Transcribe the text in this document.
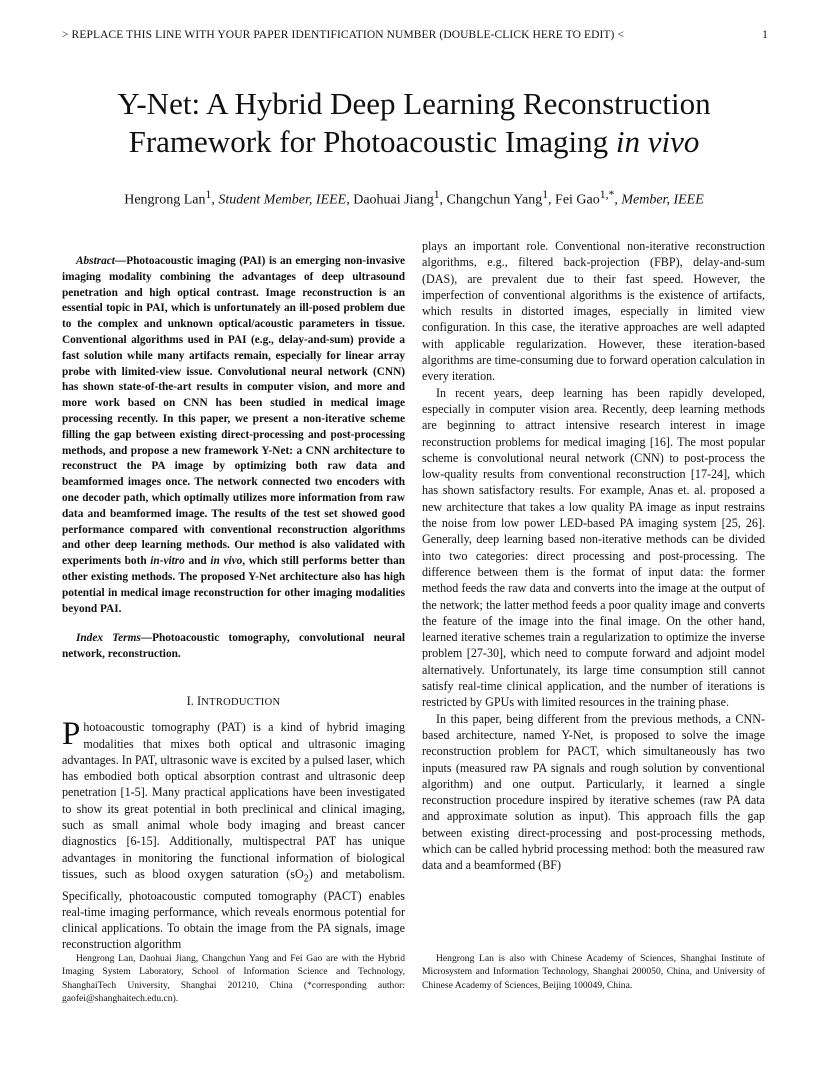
> REPLACE THIS LINE WITH YOUR PAPER IDENTIFICATION NUMBER (DOUBLE-CLICK HERE TO EDIT) <	1
Y-Net: A Hybrid Deep Learning Reconstruction
Framework for Photoacoustic Imaging in vivo
Hengrong Lan$^1$, Student Member, IEEE, Daohuai Jiang$^1$, Changchun Yang$^1$, Fei Gao$^{1,*}$, Member, IEEE

Abstract—Photoacoustic imaging (PAI) is an emerging non-invasive imaging modality combining the advantages of deep ultrasound penetration and high optical contrast. Image reconstruction is an essential topic in PAI, which is unfortunately an ill-posed problem due to the complex and unknown optical/acoustic parameters in tissue. Conventional algorithms used in PAI (e.g., delay-and-sum) provide a fast solution while many artifacts remain, especially for linear array probe with limited-view issue. Convolutional neural network (CNN) has shown state-of-the-art results in computer vision, and more and more work based on CNN has been studied in medical image processing recently. In this paper, we present a non-iterative scheme filling the gap between existing direct-processing and post-processing methods, and propose a new framework Y-Net: a CNN architecture to reconstruct the PA image by optimizing both raw data and beamformed images once. The network connected two encoders with one decoder path, which optimally utilizes more information from raw data and beamformed image. The results of the test set showed good performance compared with conventional reconstruction algorithms and other deep learning methods. Our method is also validated with experiments both in-vitro and in vivo, which still performs better than other existing methods. The proposed Y-Net architecture also has high potential in medical image reconstruction for other imaging modalities beyond PAI.

Index Terms—Photoacoustic tomography, convolutional neural network, reconstruction.

I. INTRODUCTION

Photoacoustic tomography (PAT) is a kind of hybrid imaging modalities that mixes both optical and ultrasonic imaging advantages. In PAT, ultrasonic wave is excited by a pulsed laser, which has embodied both optical absorption contrast and ultrasonic deep penetration [1-5]. Many practical applications have been investigated to show its great potential in both preclinical and clinical imaging, such as small animal whole body imaging and breast cancer diagnostics [6-15]. Additionally, multispectral PAT has unique advantages in monitoring the functional information of biological tissues, such as blood oxygen saturation $(sO_2)$ and metabolism. Specifically, photoacoustic computed tomography (PACT) enables real-time imaging performance, which reveals enormous potential for clinical applications. To obtain the image from the PA signals, image reconstruction algorithm

plays an important role. Conventional non-iterative reconstruction algorithms, e.g., filtered back-projection (FBP), delay-and-sum (DAS), are prevalent due to their fast speed. However, the imperfection of conventional algorithms is the existence of artifacts, which results in distorted images, especially in limited view configuration. In this case, the iterative approaches are well adapted with applicable regularization. However, these iteration-based algorithms are time-consuming due to forward operation calculation in every iteration.

In recent years, deep learning has been rapidly developed, especially in computer vision area. Recently, deep learning methods are beginning to attract intensive research interest in image reconstruction problems for medical imaging [16]. The most popular scheme is convolutional neural network (CNN) to post-process the low-quality results from conventional reconstruction [17-24], which has shown satisfactory results. For example, Anas et. al. proposed a new architecture that takes a low quality PA image as input restrains the noise from low power LED-based PA imaging system [25, 26]. Generally, deep learning based non-iterative methods can be divided into two categories: direct processing and post-processing. The difference between them is the format of input data: the former method feeds the raw data and converts into the image at the output of the network; the latter method feeds a poor quality image and converts the feature of the image into the final image. On the other hand, learned iterative schemes train a regularization to optimize the inverse problem [27-30], which need to compute forward and adjoint model alternatively. Unfortunately, its large time consumption still cannot satisfy real-time clinical application, and the number of iterations is restricted by GPUs with limited resources in the training phase.

In this paper, being different from the previous methods, a CNN-based architecture, named Y-Net, is proposed to solve the image reconstruction problem for PACT, which simultaneously has two inputs (measured raw PA signals and rough solution by conventional algorithm) and one output. Particularly, it learned a single reconstruction procedure inspired by iterative schemes (raw PA data and approximate solution as input). This approach fills the gap between existing direct-processing and post-processing methods, which can be called hybrid processing method: both the measured raw data and a beamformed (BF)

Hengrong Lan, Daohuai Jiang, Changchun Yang and Fei Gao are with the Hybrid Imaging System Laboratory, School of Information Science and Technology, ShanghaiTech University, Shanghai 201210, China (*corresponding author: gaofei@shanghaitech.edu.cn).
Hengrong Lan is also with Chinese Academy of Sciences, Shanghai Institute of Microsystem and Information Technology, Shanghai 200050, China, and University of Chinese Academy of Sciences, Beijing 100049, China.
